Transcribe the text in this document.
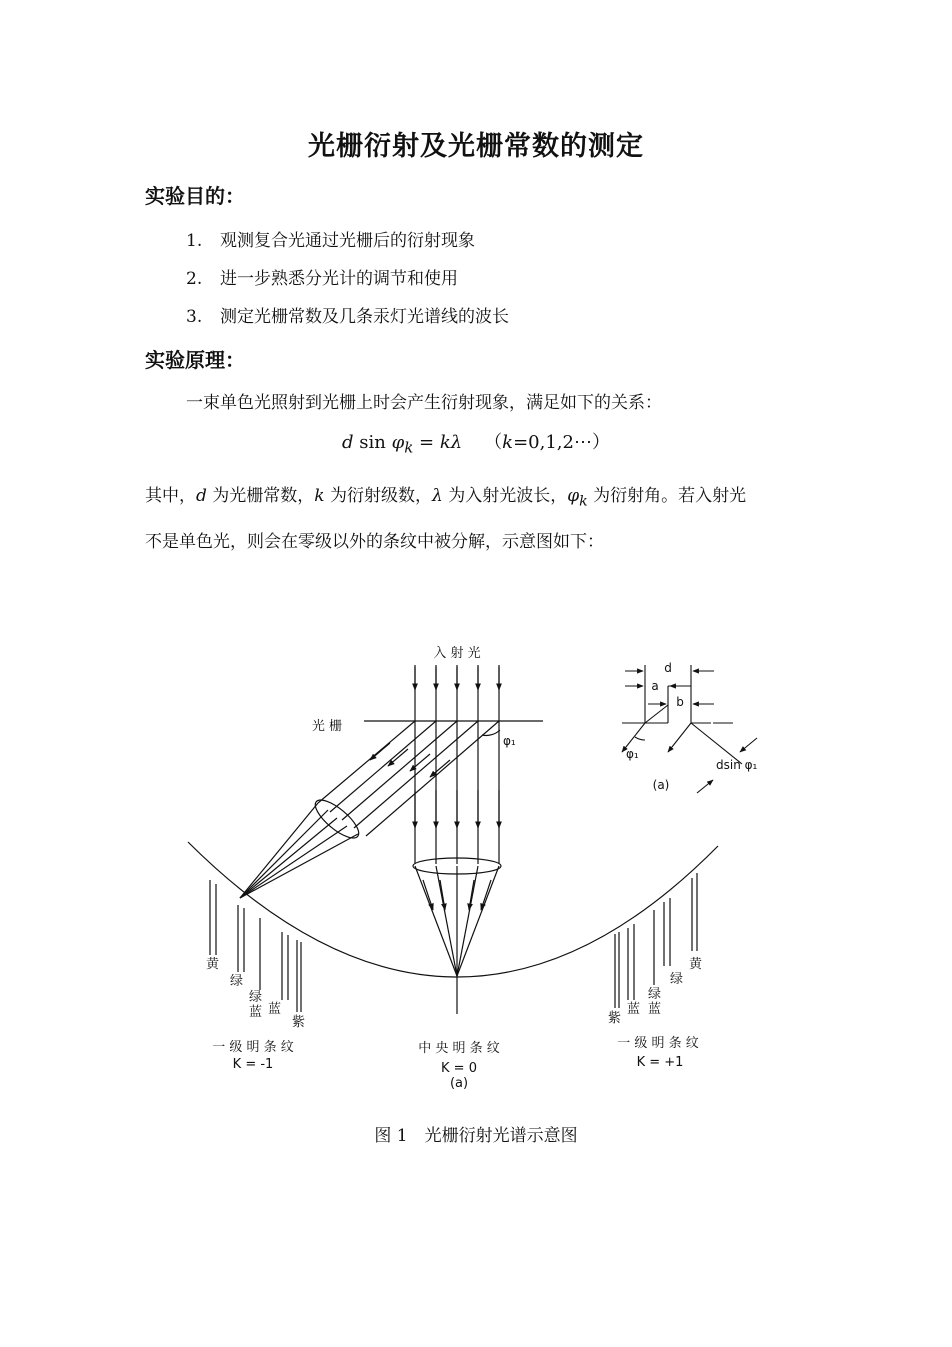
光栅衍射及光栅常数的测定
实验目的：
1. 观测复合光通过光栅后的衍射现象
2. 进一步熟悉分光计的调节和使用
3. 测定光栅常数及几条汞灯光谱线的波长
实验原理：
一束单色光照射到光栅上时会产生衍射现象，满足如下的关系：
d $\sin \varphi_k = k\lambda$ （k=0,1,2⋯）
其中，d 为光栅常数，k 为衍射级数，λ 为入射光波长，$\varphi_k$ 为衍射角。若入射光
不是单色光，则会在零级以外的条纹中被分解，示意图如下：
入 射 光
光 栅
φ₁
黄
绿
绿
蓝 蓝
紫
黄
绿
绿
蓝
蓝
紫
一 级 明 条 纹
K = -1
中 央 明 条 纹
K = 0
(a)
一 级 明 条 纹
K = +1
d
a
b
φ₁
dsin φ₁
(a)
图 1　光栅衍射光谱示意图
